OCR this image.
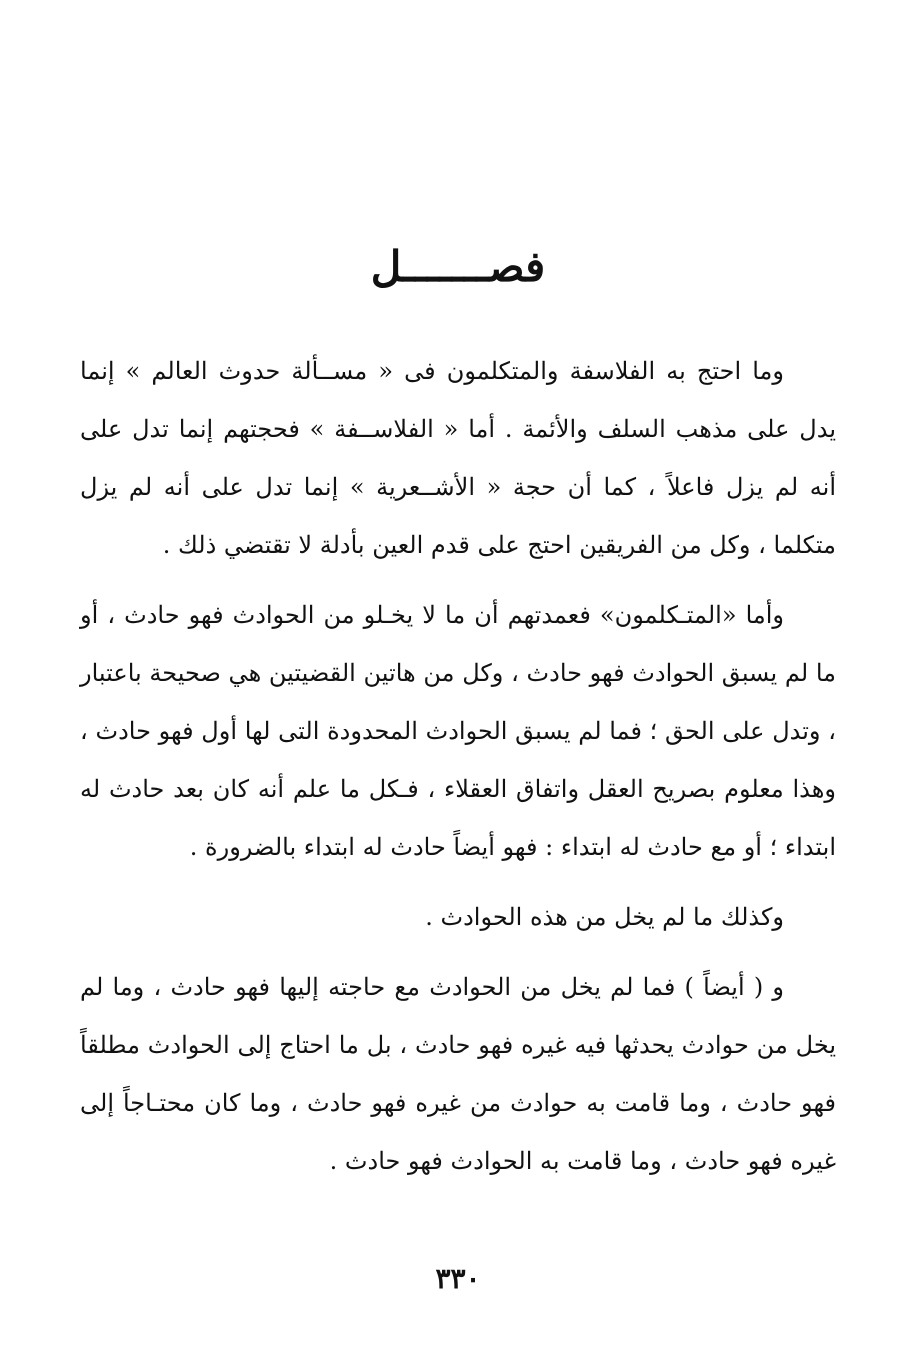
فصـــــــل

وما احتج به الفلاسفة والمتكلمون فى « مســألة حدوث العالم » إنما يدل على مذهب السلف والأئمة . أما « الفلاســفة » فحجتهم إنما تدل على أنه لم يزل فاعلاً ، كما أن حجة « الأشــعرية » إنما تدل على أنه لم يزل متكلما ، وكل من الفريقين احتج على قدم العين بأدلة لا تقتضي ذلك .

وأما «المتـكلمون» فعمدتهم أن ما لا يخـلو من الحوادث فهو حادث ، أو ما لم يسبق الحوادث فهو حادث ، وكل من هاتين القضيتين هي صحيحة باعتبار ، وتدل على الحق ؛ فما لم يسبق الحوادث المحدودة التى لها أول فهو حادث ، وهذا معلوم بصريح العقل واتفاق العقلاء ، فـكل ما علم أنه كان بعد حادث له ابتداء ؛ أو مع حادث له ابتداء : فهو أيضاً حادث له ابتداء بالضرورة .

وكذلك ما لم يخل من هذه الحوادث .

و ( أيضاً ) فما لم يخل من الحوادث مع حاجته إليها فهو حادث ، وما لم يخل من حوادث يحدثها فيه غيره فهو حادث ، بل ما احتاج إلى الحوادث مطلقاً فهو حادث ، وما قامت به حوادث من غيره فهو حادث ، وما كان محتـاجاً إلى غيره فهو حادث ، وما قامت به الحوادث فهو حادث .

٣٣٠
